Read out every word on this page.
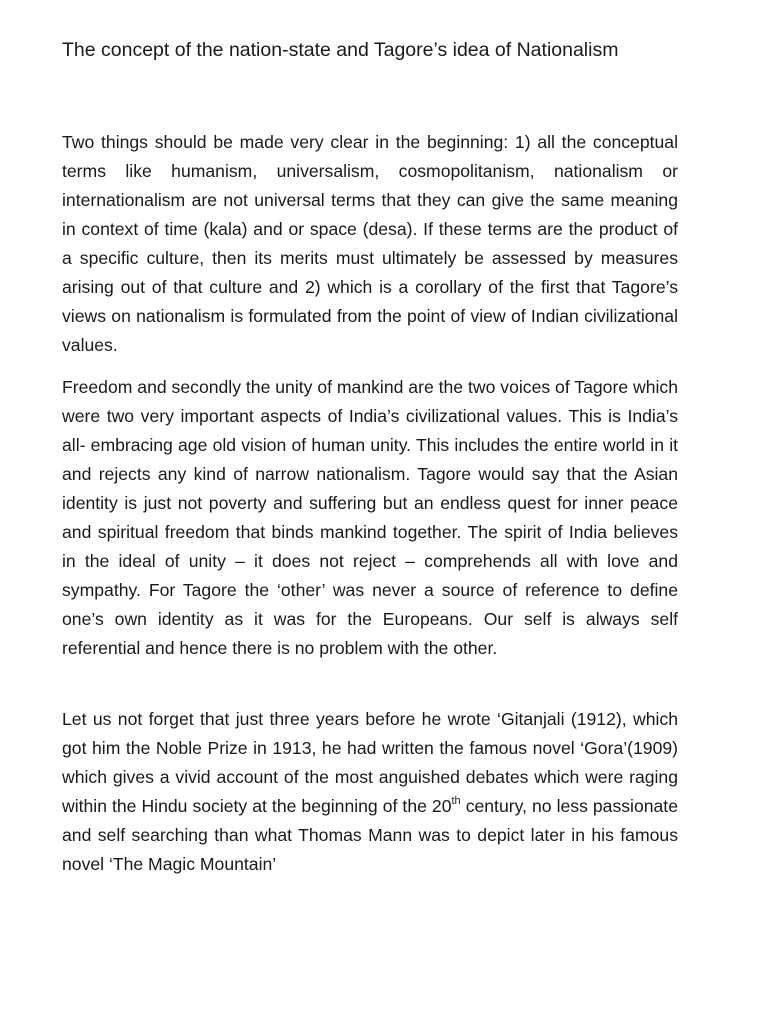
The concept of the nation-state and Tagore’s idea of Nationalism

Two things should be made very clear in the beginning: 1) all the conceptual terms like humanism, universalism, cosmopolitanism, nationalism or internationalism are not universal terms that they can give the same meaning in context of time (kala) and or space (desa). If these terms are the product of a specific culture, then its merits must ultimately be assessed by measures arising out of that culture and 2) which is a corollary of the first that Tagore’s views on nationalism is formulated from the point of view of Indian civilizational values.

Freedom and secondly the unity of mankind are the two voices of Tagore which were two very important aspects of India’s civilizational values. This is India’s all- embracing age old vision of human unity. This includes the entire world in it and rejects any kind of narrow nationalism. Tagore would say that the Asian identity is just not poverty and suffering but an endless quest for inner peace and spiritual freedom that binds mankind together. The spirit of India believes in the ideal of unity – it does not reject – comprehends all with love and sympathy. For Tagore the ‘other’ was never a source of reference to define one’s own identity as it was for the Europeans. Our self is always self referential and hence there is no problem with the other.

Let us not forget that just three years before he wrote ‘Gitanjali (1912), which got him the Noble Prize in 1913, he had written the famous novel ‘Gora’(1909) which gives a vivid account of the most anguished debates which were raging within the Hindu society at the beginning of the 20th century, no less passionate and self searching than what Thomas Mann was to depict later in his famous novel ‘The Magic Mountain’
